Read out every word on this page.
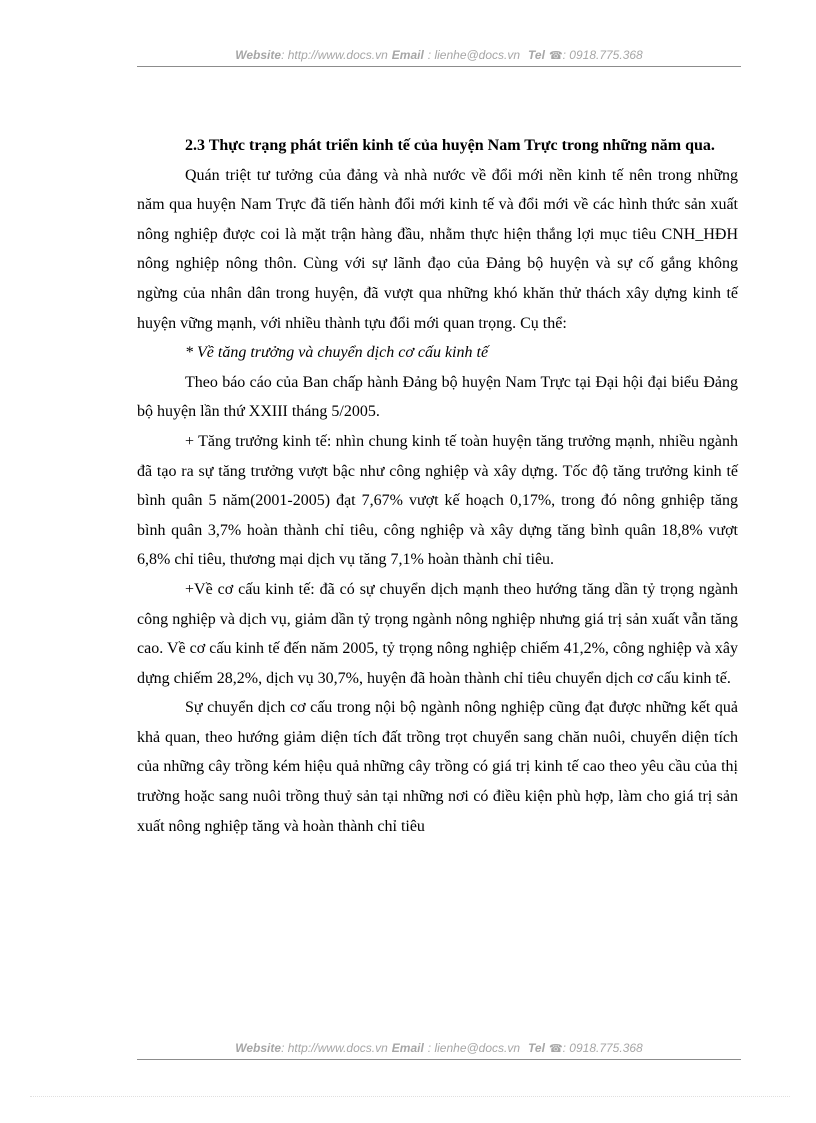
Website: http://www.docs.vn Email : lienhe@docs.vn Tel ☎: 0918.775.368

2.3 Thực trạng phát triển kinh tế của huyện Nam Trực trong những năm qua.

Quán triệt tư tưởng của đảng và nhà nước về đổi mới nền kinh tế nên trong những năm qua huyện Nam Trực đã tiến hành đổi mới kinh tế và đổi mới về các hình thức sản xuất nông nghiệp được coi là mặt trận hàng đầu, nhằm thực hiện thắng lợi mục tiêu CNH_HĐH nông nghiệp nông thôn. Cùng với sự lãnh đạo của Đảng bộ huyện và sự cố gắng không ngừng của nhân dân trong huyện, đã vượt qua những khó khăn thử thách xây dựng kinh tế huyện vững mạnh, với nhiều thành tựu đổi mới quan trọng. Cụ thể:

* Về tăng trưởng và chuyển dịch cơ cấu kinh tế

Theo báo cáo của Ban chấp hành Đảng bộ huyện Nam Trực tại Đại hội đại biểu Đảng bộ huyện lần thứ XXIII tháng 5/2005.

+ Tăng trưởng kinh tế: nhìn chung kinh tế toàn huyện tăng trưởng mạnh, nhiều ngành đã tạo ra sự tăng trưởng vượt bậc như công nghiệp và xây dựng. Tốc độ tăng trưởng kinh tế bình quân 5 năm(2001-2005) đạt 7,67% vượt kế hoạch 0,17%, trong đó nông gnhiệp tăng bình quân 3,7% hoàn thành chỉ tiêu, công nghiệp và xây dựng tăng bình quân 18,8% vượt 6,8% chỉ tiêu, thương mại dịch vụ tăng 7,1% hoàn thành chỉ tiêu.

+Về cơ cấu kinh tế: đã có sự chuyển dịch mạnh theo hướng tăng dần tỷ trọng ngành công nghiệp và dịch vụ, giảm dần tỷ trọng ngành nông nghiệp nhưng giá trị sản xuất vẫn tăng cao. Về cơ cấu kinh tế đến năm 2005, tỷ trọng nông nghiệp chiếm 41,2%, công nghiệp và xây dựng chiếm 28,2%, dịch vụ 30,7%, huyện đã hoàn thành chỉ tiêu chuyển dịch cơ cấu kinh tế.

Sự chuyển dịch cơ cấu trong nội bộ ngành nông nghiệp cũng đạt được những kết quả khả quan, theo hướng giảm diện tích đất trồng trọt chuyển sang chăn nuôi, chuyển diện tích của những cây trồng kém hiệu quả những cây trồng có giá trị kinh tế cao theo yêu cầu của thị trường hoặc sang nuôi trồng thuỷ sản tại những nơi có điều kiện phù hợp, làm cho giá trị sản xuất nông nghiệp tăng và hoàn thành chỉ tiêu

Website: http://www.docs.vn Email : lienhe@docs.vn Tel ☎: 0918.775.368
